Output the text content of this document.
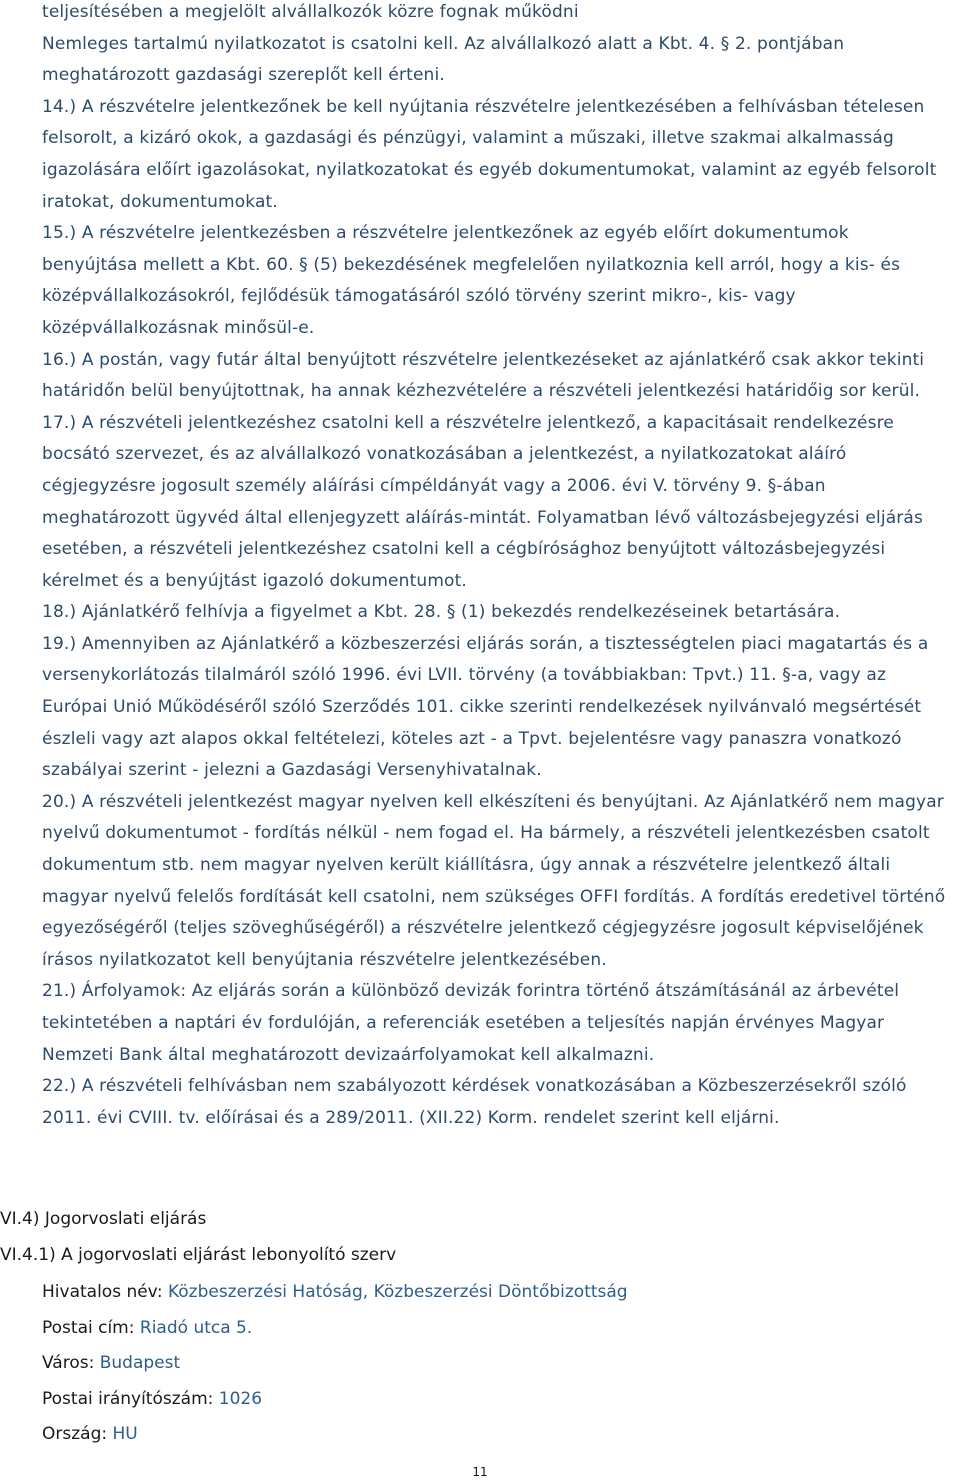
teljesítésében a megjelölt alvállalkozók közre fognak működni

Nemleges tartalmú nyilatkozatot is csatolni kell. Az alvállalkozó alatt a Kbt. 4. § 2. pontjában meghatározott gazdasági szereplőt kell érteni.

14.) A részvételre jelentkezőnek be kell nyújtania részvételre jelentkezésében a felhívásban tételesen felsorolt, a kizáró okok, a gazdasági és pénzügyi, valamint a műszaki, illetve szakmai alkalmasság igazolására előírt igazolásokat, nyilatkozatokat és egyéb dokumentumokat, valamint az egyéb felsorolt iratokat, dokumentumokat.

15.) A részvételre jelentkezésben a részvételre jelentkezőnek az egyéb előírt dokumentumok benyújtása mellett a Kbt. 60. § (5) bekezdésének megfelelően nyilatkoznia kell arról, hogy a kis- és középvállalkozásokról, fejlődésük támogatásáról szóló törvény szerint mikro-, kis- vagy középvállalkozásnak minősül-e.

16.) A postán, vagy futár által benyújtott részvételre jelentkezéseket az ajánlatkérő csak akkor tekinti határidőn belül benyújtottnak, ha annak kézhezvételére a részvételi jelentkezési határidőig sor kerül.

17.) A részvételi jelentkezéshez csatolni kell a részvételre jelentkező, a kapacitásait rendelkezésre bocsátó szervezet, és az alvállalkozó vonatkozásában a jelentkezést, a nyilatkozatokat aláíró cégjegyzésre jogosult személy aláírási címpéldányát vagy a 2006. évi V. törvény 9. §-ában meghatározott ügyvéd által ellenjegyzett aláírás-mintát. Folyamatban lévő változásbejegyzési eljárás esetében, a részvételi jelentkezéshez csatolni kell a cégbírósághoz benyújtott változásbejegyzési kérelmet és a benyújtást igazoló dokumentumot.

18.) Ajánlatkérő felhívja a figyelmet a Kbt. 28. § (1) bekezdés rendelkezéseinek betartására.

19.) Amennyiben az Ajánlatkérő a közbeszerzési eljárás során, a tisztességtelen piaci magatartás és a versenykorlátozás tilalmáról szóló 1996. évi LVII. törvény (a továbbiakban: Tpvt.) 11. §-a, vagy az Európai Unió Működéséről szóló Szerződés 101. cikke szerinti rendelkezések nyilvánvaló megsértését észleli vagy azt alapos okkal feltételezi, köteles azt - a Tpvt. bejelentésre vagy panaszra vonatkozó szabályai szerint - jelezni a Gazdasági Versenyhivatalnak.

20.) A részvételi jelentkezést magyar nyelven kell elkészíteni és benyújtani. Az Ajánlatkérő nem magyar nyelvű dokumentumot - fordítás nélkül - nem fogad el. Ha bármely, a részvételi jelentkezésben csatolt dokumentum stb. nem magyar nyelven került kiállításra, úgy annak a részvételre jelentkező általi magyar nyelvű felelős fordítását kell csatolni, nem szükséges OFFI fordítás. A fordítás eredetivel történő egyezőségéről (teljes szöveghűségéről) a részvételre jelentkező cégjegyzésre jogosult képviselőjének írásos nyilatkozatot kell benyújtania részvételre jelentkezésében.

21.) Árfolyamok: Az eljárás során a különböző devizák forintra történő átszámításánál az árbevétel tekintetében a naptári év fordulóján, a referenciák esetében a teljesítés napján érvényes Magyar Nemzeti Bank által meghatározott devizaárfolyamokat kell alkalmazni.

22.) A részvételi felhívásban nem szabályozott kérdések vonatkozásában a Közbeszerzésekről szóló 2011. évi CVIII. tv. előírásai és a 289/2011. (XII.22) Korm. rendelet szerint kell eljárni.

VI.4) Jogorvoslati eljárás
VI.4.1) A jogorvoslati eljárást lebonyolító szerv
Hivatalos név: Közbeszerzési Hatóság, Közbeszerzési Döntőbizottság
Postai cím: Riadó utca 5.
Város: Budapest
Postai irányítószám: 1026
Ország: HU
11
